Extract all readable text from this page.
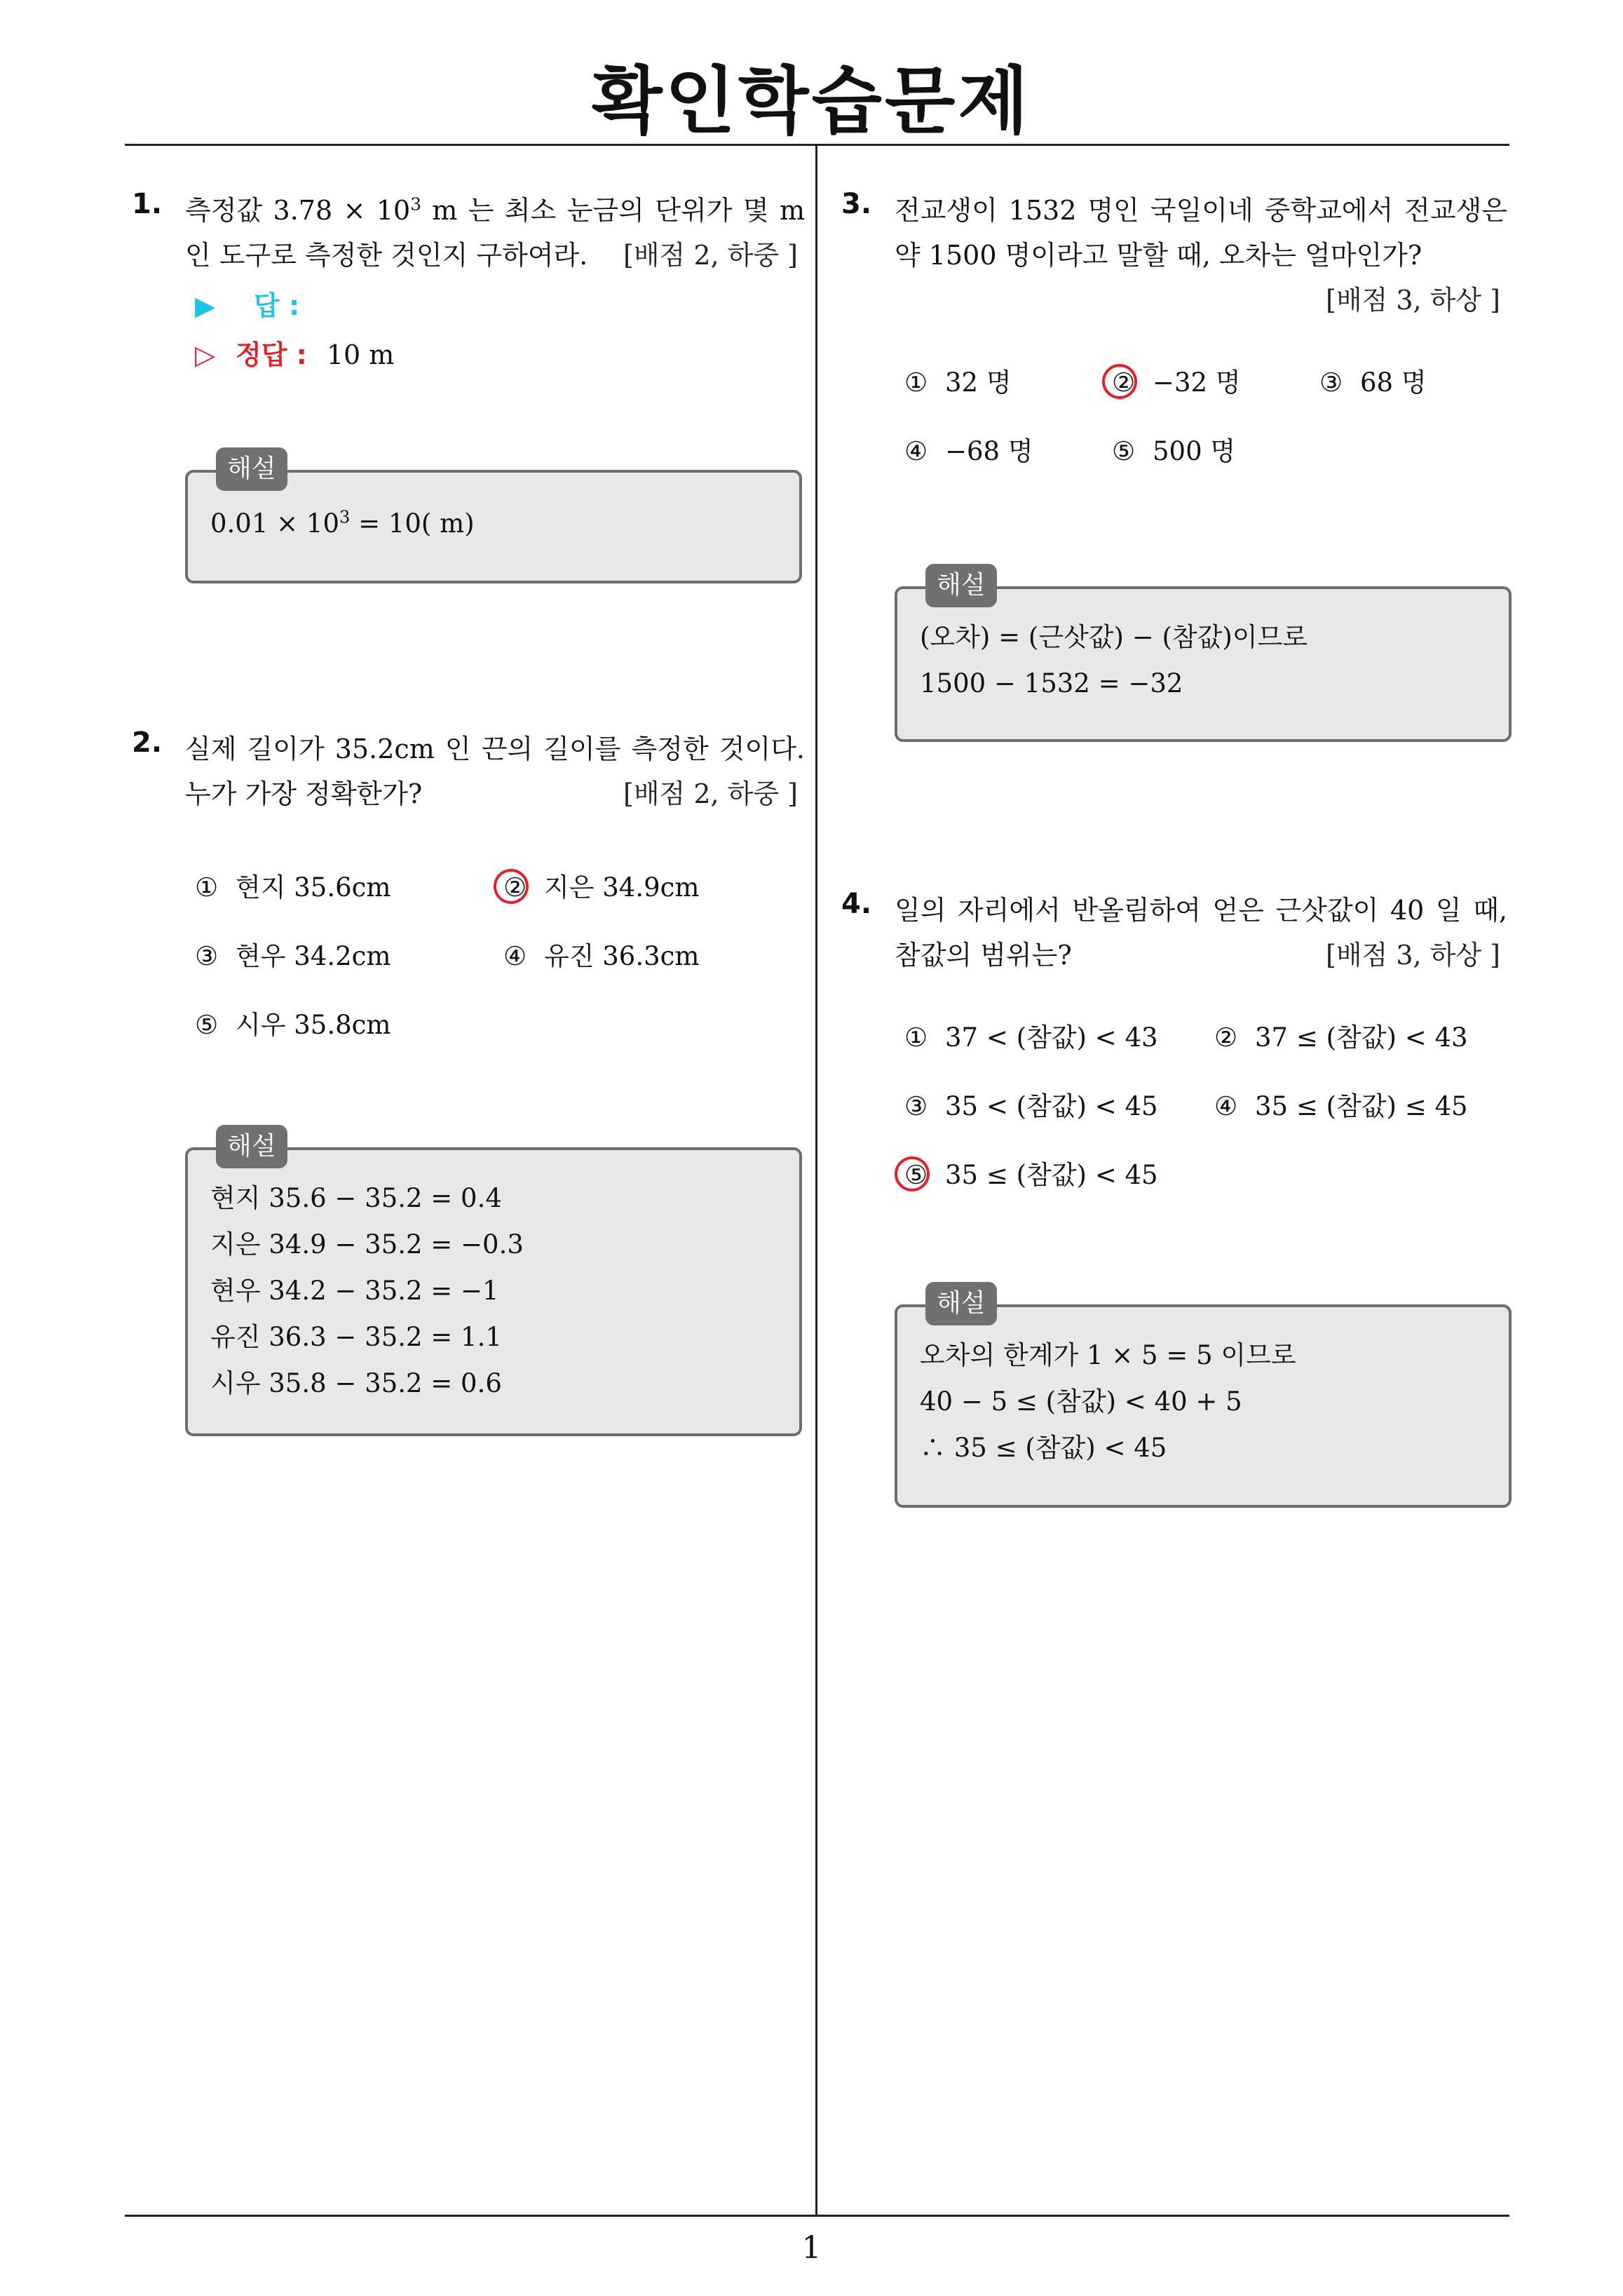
확인학습문제
1. 측정값 $3.78 \times 10^3$ m 는 최소 눈금의 단위가 몇 m 인 도구로 측정한 것인지 구하여라.	[배점 2, 하중 ]
▶ 답 :
▷ 정답 : 10 m
해설
$0.01 \times 10^3 = 10$( m)
2. 실제 길이가 35.2cm 인 끈의 길이를 측정한 것이다. 누가 가장 정확한가?	[배점 2, 하중 ]
① 현지 35.6cm	② 지은 34.9cm
③ 현우 34.2cm	④ 유진 36.3cm
⑤ 시우 35.8cm
해설
현지 35.6 − 35.2 = 0.4
지은 34.9 − 35.2 = −0.3
현우 34.2 − 35.2 = −1
유진 36.3 − 35.2 = 1.1
시우 35.8 − 35.2 = 0.6
3. 전교생이 1532 명인 국일이네 중학교에서 전교생은 약 1500 명이라고 말할 때, 오차는 얼마인가?
[배점 3, 하상 ]
① 32 명	② −32 명	③ 68 명
④ −68 명	⑤ 500 명
해설
(오차) = (근삿값) − (참값)이므로
1500 − 1532 = −32
4. 일의 자리에서 반올림하여 얻은 근삿값이 40 일 때, 참값의 범위는?	[배점 3, 하상 ]
① 37 < (참값) < 43 ② 37 ≤ (참값) < 43
③ 35 < (참값) < 45 ④ 35 ≤ (참값) ≤ 45
⑤ 35 ≤ (참값) < 45
해설
오차의 한계가 1 × 5 = 5 이므로
40 − 5 ≤ (참값) < 40 + 5
∴ 35 ≤ (참값) < 45
1
